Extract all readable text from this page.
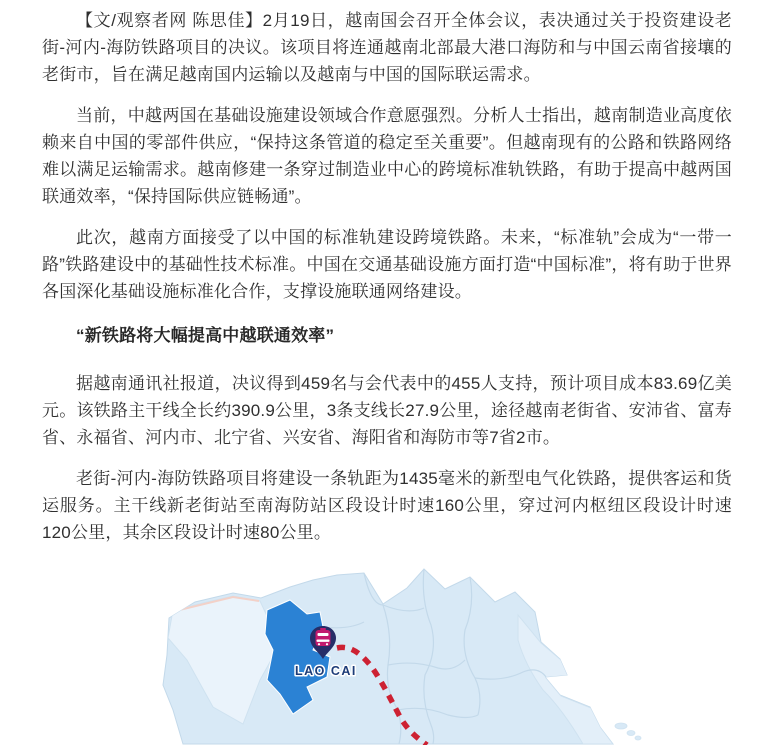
【文/观察者网 陈思佳】2月19日，越南国会召开全体会议，表决通过关于投资建设老街-河内-海防铁路项目的决议。该项目将连通越南北部最大港口海防和与中国云南省接壤的老街市，旨在满足越南国内运输以及越南与中国的国际联运需求。

当前，中越两国在基础设施建设领域合作意愿强烈。分析人士指出，越南制造业高度依赖来自中国的零部件供应，“保持这条管道的稳定至关重要”。但越南现有的公路和铁路网络难以满足运输需求。越南修建一条穿过制造业中心的跨境标准轨铁路，有助于提高中越两国联通效率，“保持国际供应链畅通”。

此次，越南方面接受了以中国的标准轨建设跨境铁路。未来，“标准轨”会成为“一带一路”铁路建设中的基础性技术标准。中国在交通基础设施方面打造“中国标准”，将有助于世界各国深化基础设施标准化合作，支撑设施联通网络建设。

“新铁路将大幅提高中越联通效率”

据越南通讯社报道，决议得到459名与会代表中的455人支持，预计项目成本83.69亿美元。该铁路主干线全长约390.9公里，3条支线长27.9公里，途径越南老街省、安沛省、富寿省、永福省、河内市、北宁省、兴安省、海阳省和海防市等7省2市。

老街-河内-海防铁路项目将建设一条轨距为1435毫米的新型电气化铁路，提供客运和货运服务。主干线新老街站至南海防站区段设计时速160公里，穿过河内枢纽区段设计时速120公里，其余区段设计时速80公里。

LAO CAI
